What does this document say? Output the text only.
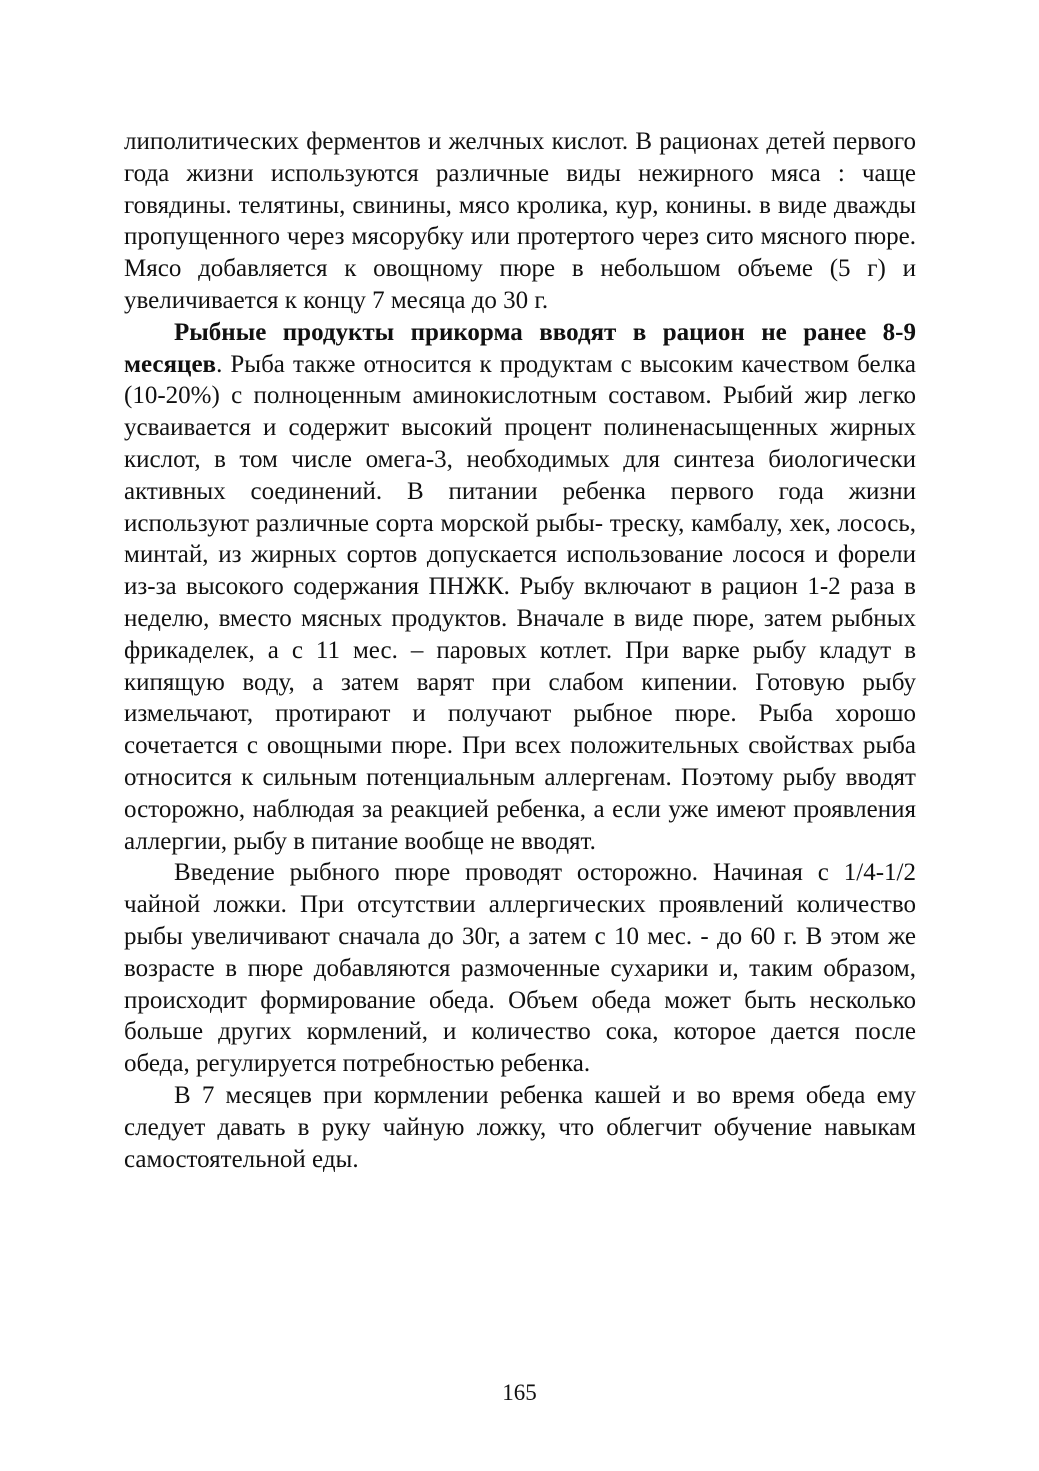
липолитических ферментов и желчных кислот. В рационах детей первого года жизни используются различные виды нежирного мяса : чаще говядины. телятины, свинины, мясо кролика, кур, конины. в виде дважды пропущенного через мясорубку или протертого через сито мясного пюре. Мясо добавляется к овощному пюре в небольшом объеме (5 г) и увеличивается к концу 7 месяца до 30 г.

Рыбные продукты прикорма вводят в рацион не ранее 8-9 месяцев. Рыба также относится к продуктам с высоким качеством белка (10-20%) с полноценным аминокислотным составом. Рыбий жир легко усваивается и содержит высокий процент полиненасыщенных жирных кислот, в том числе омега-3, необходимых для синтеза биологически активных соединений. В питании ребенка первого года жизни используют различные сорта морской рыбы- треску, камбалу, хек, лосось, минтай, из жирных сортов допускается использование лосося и форели из-за высокого содержания ПНЖК. Рыбу включают в рацион 1-2 раза в неделю, вместо мясных продуктов. Вначале в виде пюре, затем рыбных фрикаделек, а с 11 мес. – паровых котлет. При варке рыбу кладут в кипящую воду, а затем варят при слабом кипении. Готовую рыбу измельчают, протирают и получают рыбное пюре. Рыба хорошо сочетается с овощными пюре. При всех положительных свойствах рыба относится к сильным потенциальным аллергенам. Поэтому рыбу вводят осторожно, наблюдая за реакцией ребенка, а если уже имеют проявления аллергии, рыбу в питание вообще не вводят.

Введение рыбного пюре проводят осторожно. Начиная с 1/4-1/2 чайной ложки. При отсутствии аллергических проявлений количество рыбы увеличивают сначала до 30г, а затем с 10 мес. - до 60 г. В этом же возрасте в пюре добавляются размоченные сухарики и, таким образом, происходит формирование обеда. Объем обеда может быть несколько больше других кормлений, и количество сока, которое дается после обеда, регулируется потребностью ребенка.

В 7 месяцев при кормлении ребенка кашей и во время обеда ему следует давать в руку чайную ложку, что облегчит обучение навыкам самостоятельной еды.

165
